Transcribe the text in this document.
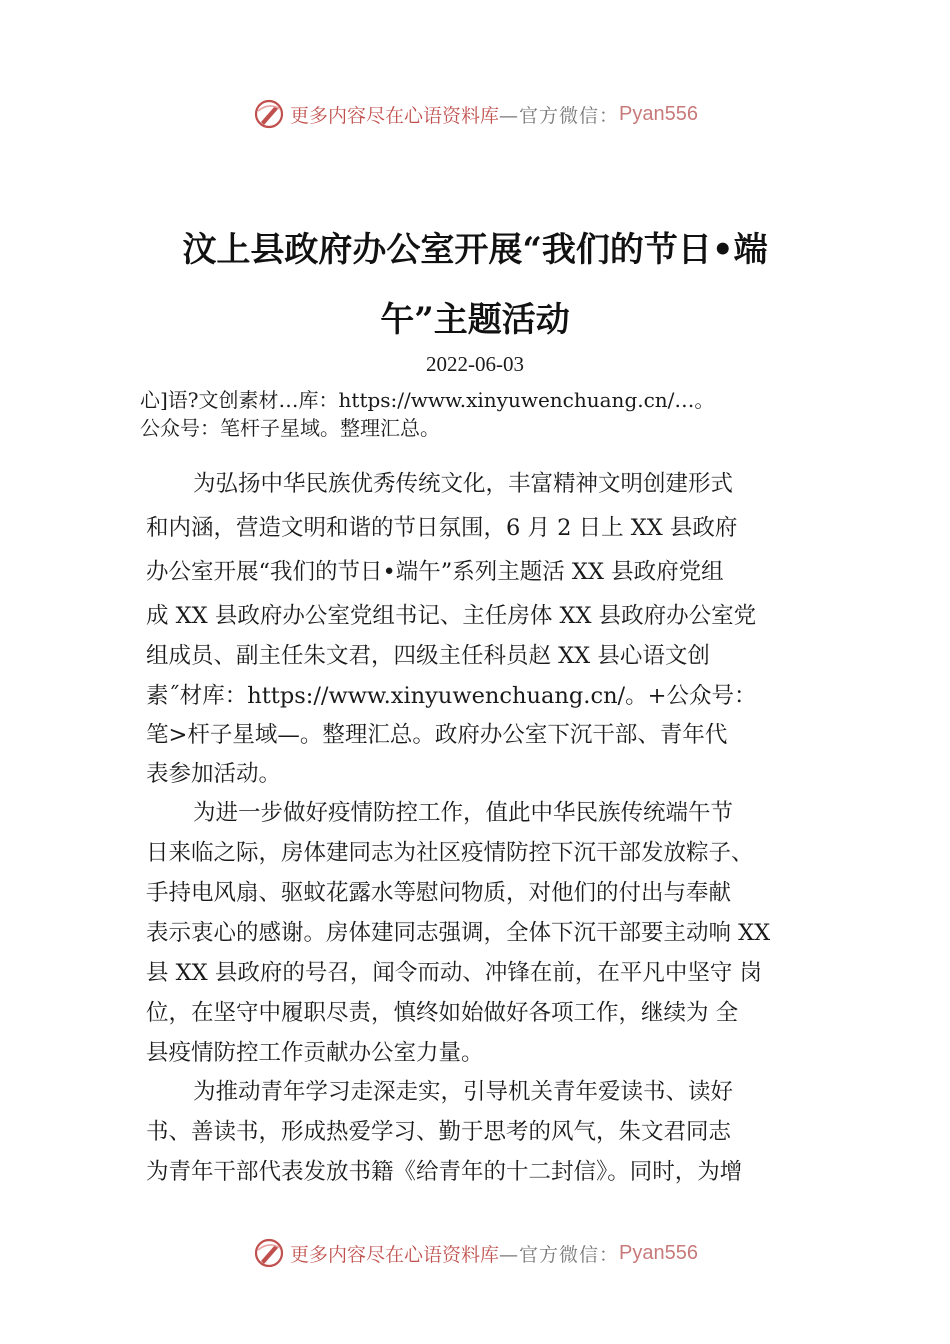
更多内容尽在心语资料库 —官方微信： Pyan556
汶上县政府办公室开展“我们的节日•端
午”主题活动
2022-06-03
心]语?文创素材…库：https://www.xinyuwenchuang.cn/…。
公众号：笔杆子星域。整理汇总。
为弘扬中华民族优秀传统文化，丰富精神文明创建形式
和内涵，营造文明和谐的节日氛围，6 月 2 日上 XX 县政府
办公室开展“我们的节日•端午”系列主题活 XX 县政府党组
成 XX 县政府办公室党组书记、主任房体 XX 县政府办公室党
组成员、副主任朱文君，四级主任科员赵 XX 县心语文创
素˝材库：https://www.xinyuwenchuang.cn/。+公众号：
笔>杆子星域—。整理汇总。政府办公室下沉干部、青年代
表参加活动。
为进一步做好疫情防控工作，值此中华民族传统端午节
日来临之际，房体建同志为社区疫情防控下沉干部发放粽子、
手持电风扇、驱蚊花露水等慰问物质，对他们的付出与奉献
表示衷心的感谢。房体建同志强调，全体下沉干部要主动响 XX
县 XX 县政府的号召，闻令而动、冲锋在前，在平凡中坚守 岗
位，在坚守中履职尽责，慎终如始做好各项工作，继续为 全
县疫情防控工作贡献办公室力量。
为推动青年学习走深走实，引导机关青年爱读书、读好
书、善读书，形成热爱学习、勤于思考的风气，朱文君同志
为青年干部代表发放书籍《给青年的十二封信》。同时，为增
更多内容尽在心语资料库 —官方微信： Pyan556
